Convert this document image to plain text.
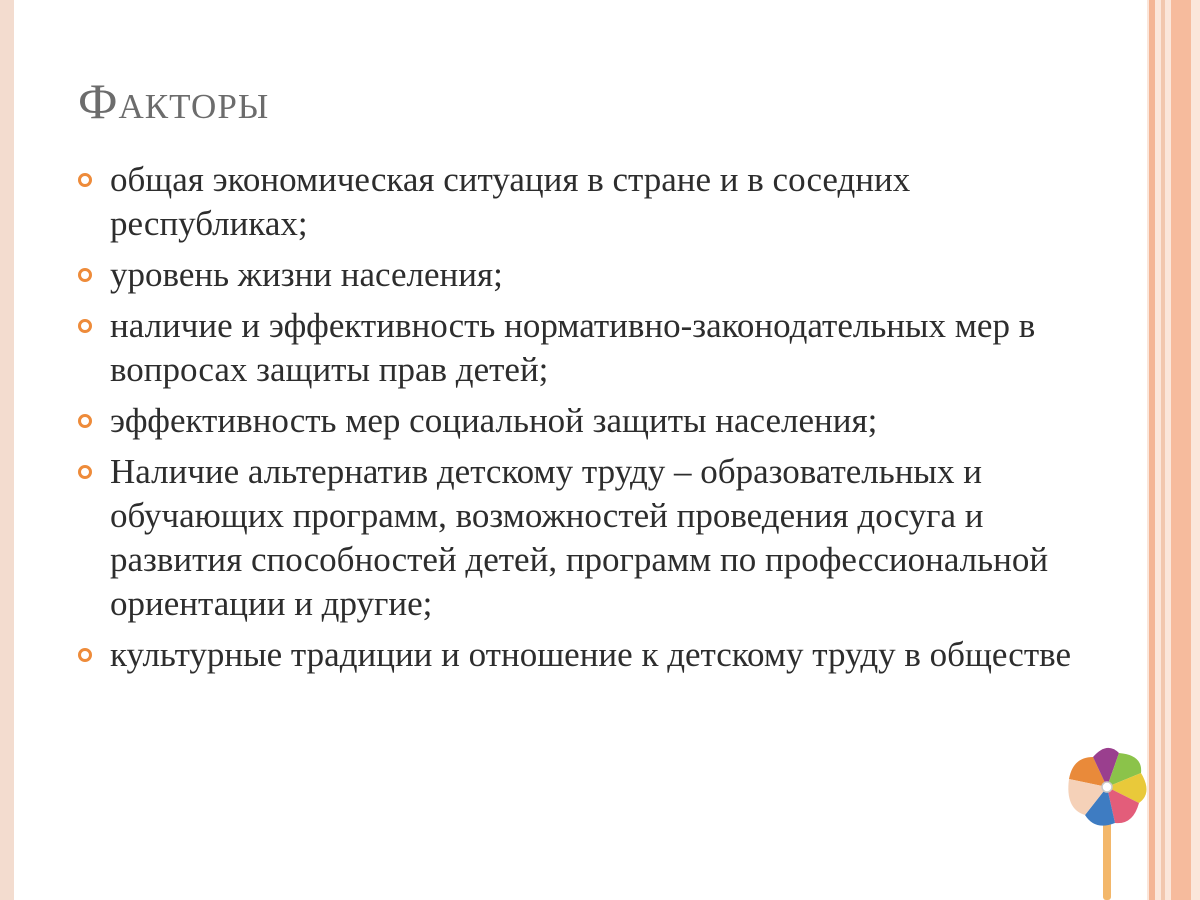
Факторы
общая экономическая ситуация в стране и в соседних республиках;
уровень жизни населения;
наличие и эффективность нормативно-законодательных мер в вопросах защиты прав детей;
эффективность мер социальной защиты населения;
Наличие альтернатив детскому труду – образовательных и обучающих программ, возможностей проведения досуга и развития способностей детей, программ по профессиональной ориентации и другие;
культурные традиции и отношение к детскому труду в обществе
